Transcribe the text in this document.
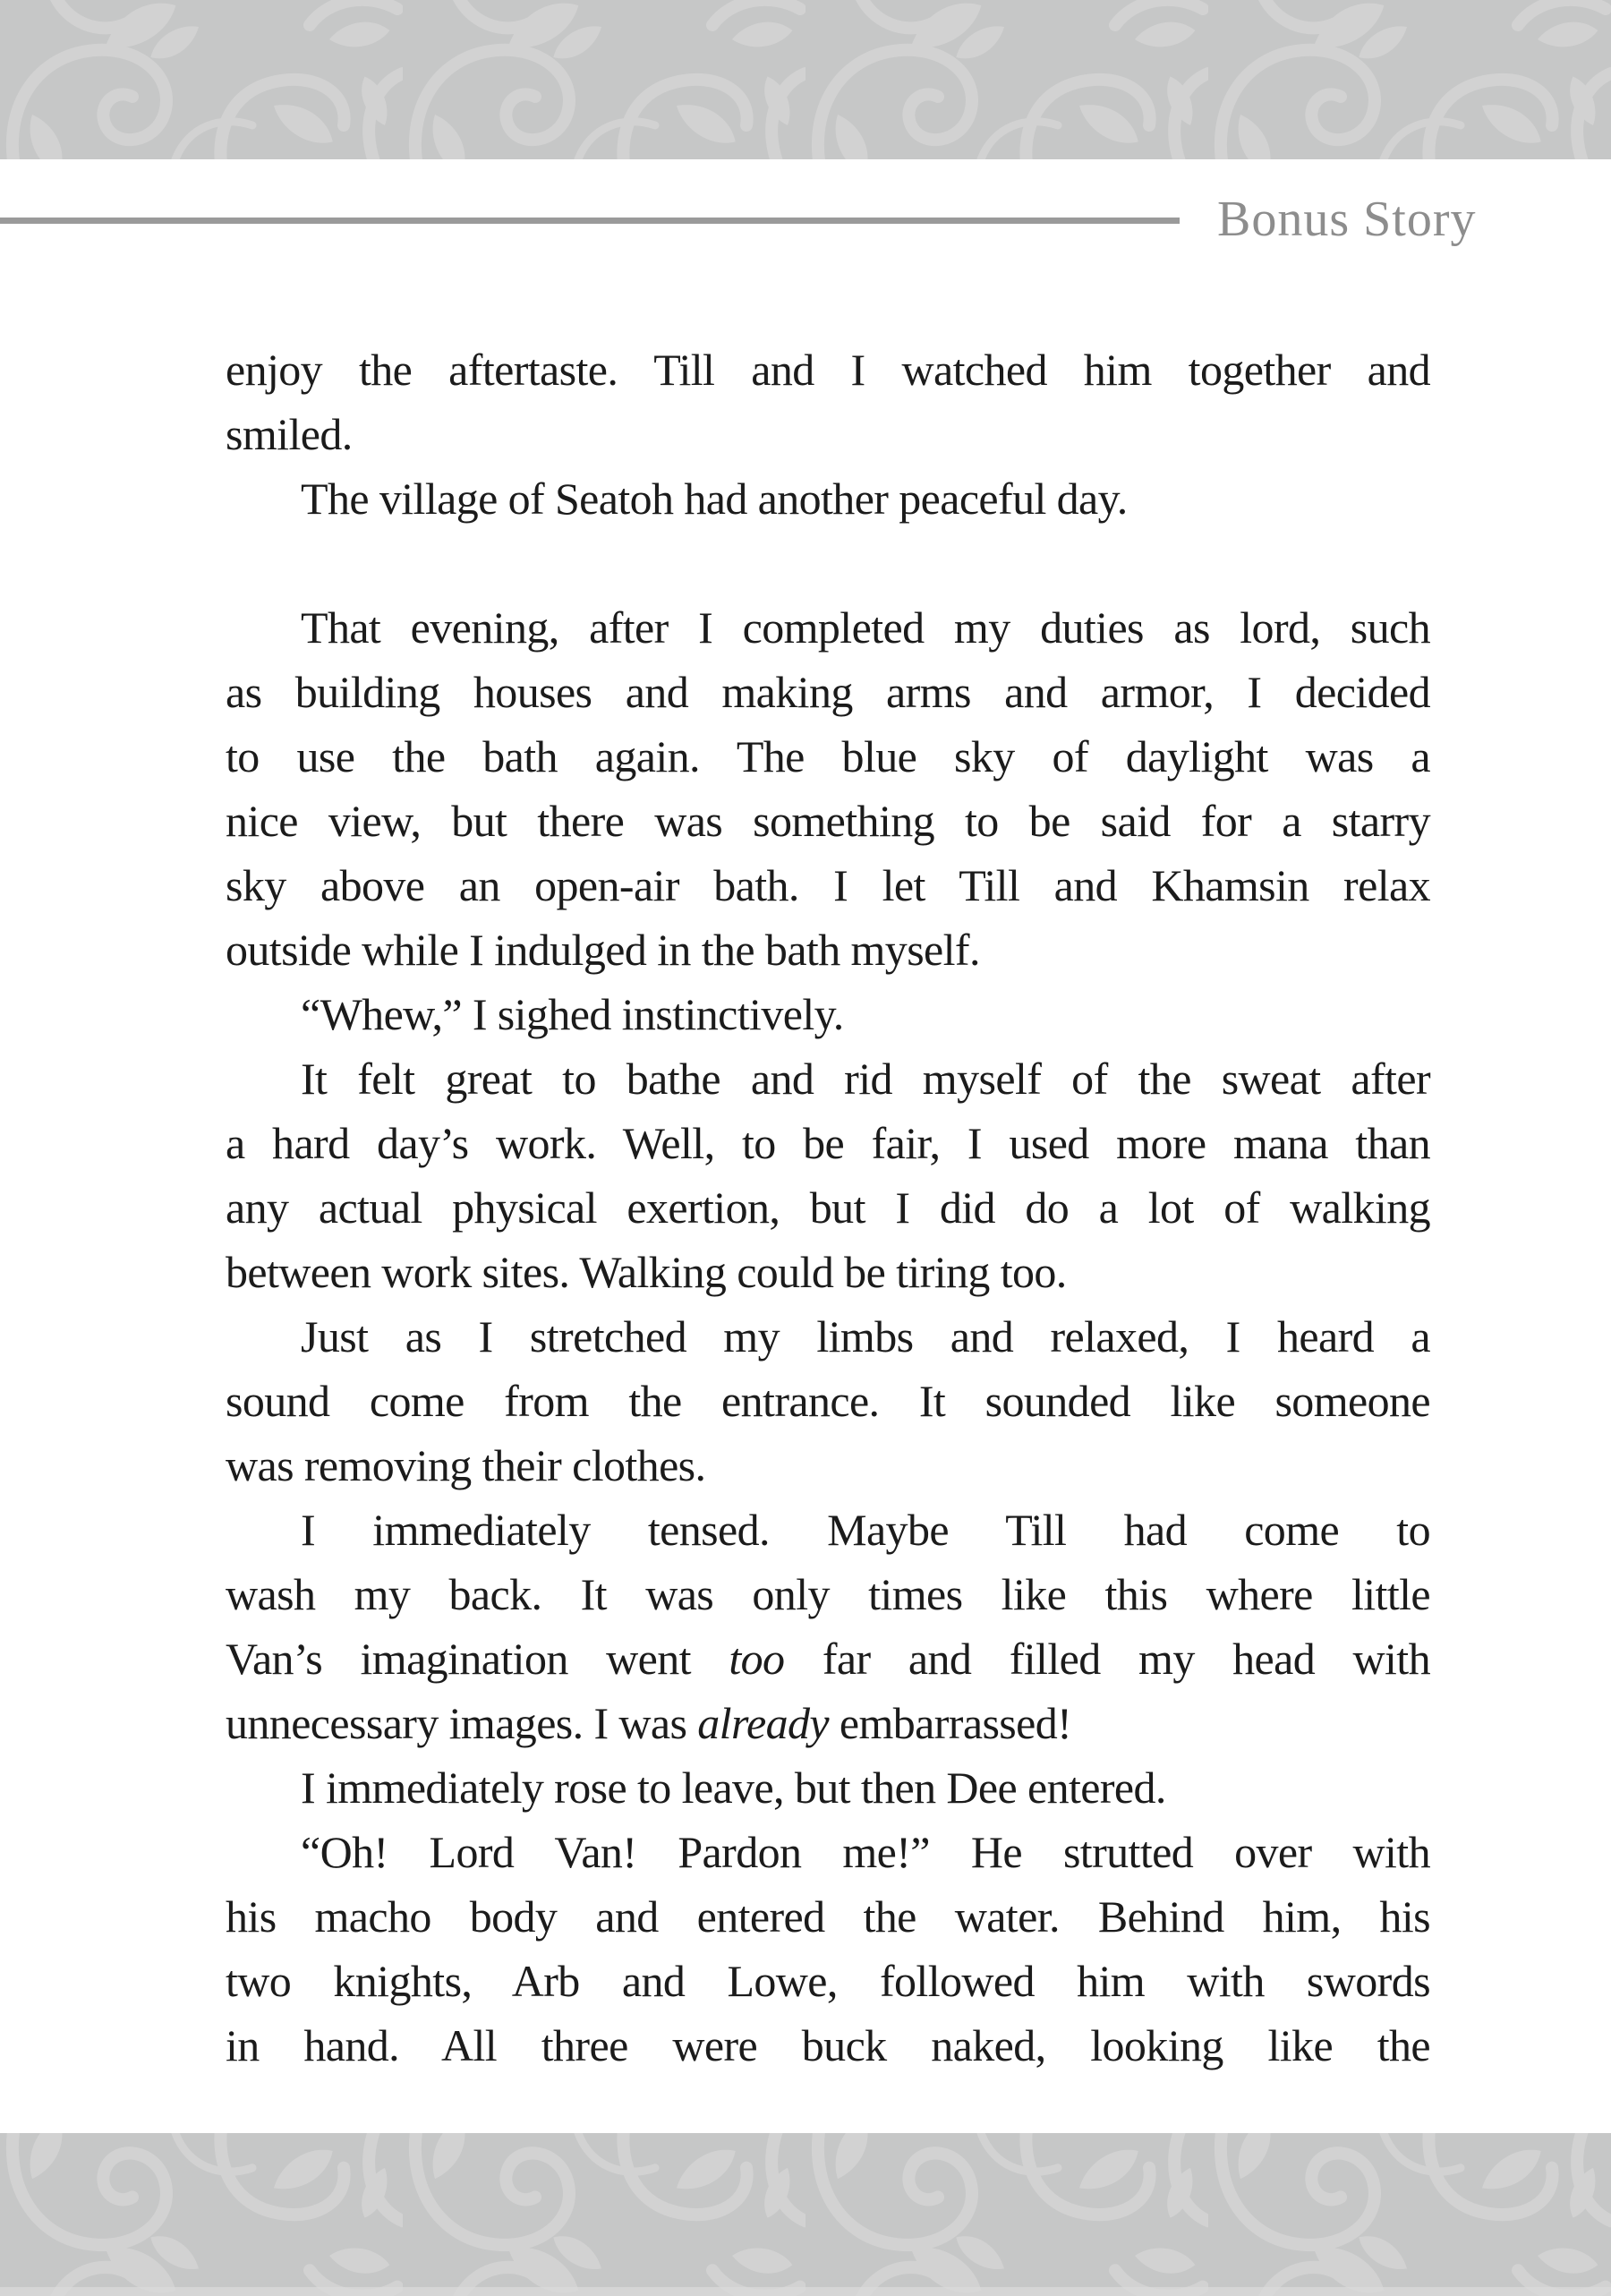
Bonus Story
enjoy the aftertaste. Till and I watched him together and
smiled.
The village of Seatoh had another peaceful day.
That evening, after I completed my duties as lord, such
as building houses and making arms and armor, I decided
to use the bath again. The blue sky of daylight was a
nice view, but there was something to be said for a starry
sky above an open-air bath. I let Till and Khamsin relax
outside while I indulged in the bath myself.
“Whew,” I sighed instinctively.
It felt great to bathe and rid myself of the sweat after
a hard day’s work. Well, to be fair, I used more mana than
any actual physical exertion, but I did do a lot of walking
between work sites. Walking could be tiring too.
Just as I stretched my limbs and relaxed, I heard a
sound come from the entrance. It sounded like someone
was removing their clothes.
I immediately tensed. Maybe Till had come to
wash my back. It was only times like this where little
Van’s imagination went too far and filled my head with
unnecessary images. I was already embarrassed!
I immediately rose to leave, but then Dee entered.
“Oh! Lord Van! Pardon me!” He strutted over with
his macho body and entered the water. Behind him, his
two knights, Arb and Lowe, followed him with swords
in hand. All three were buck naked, looking like the
